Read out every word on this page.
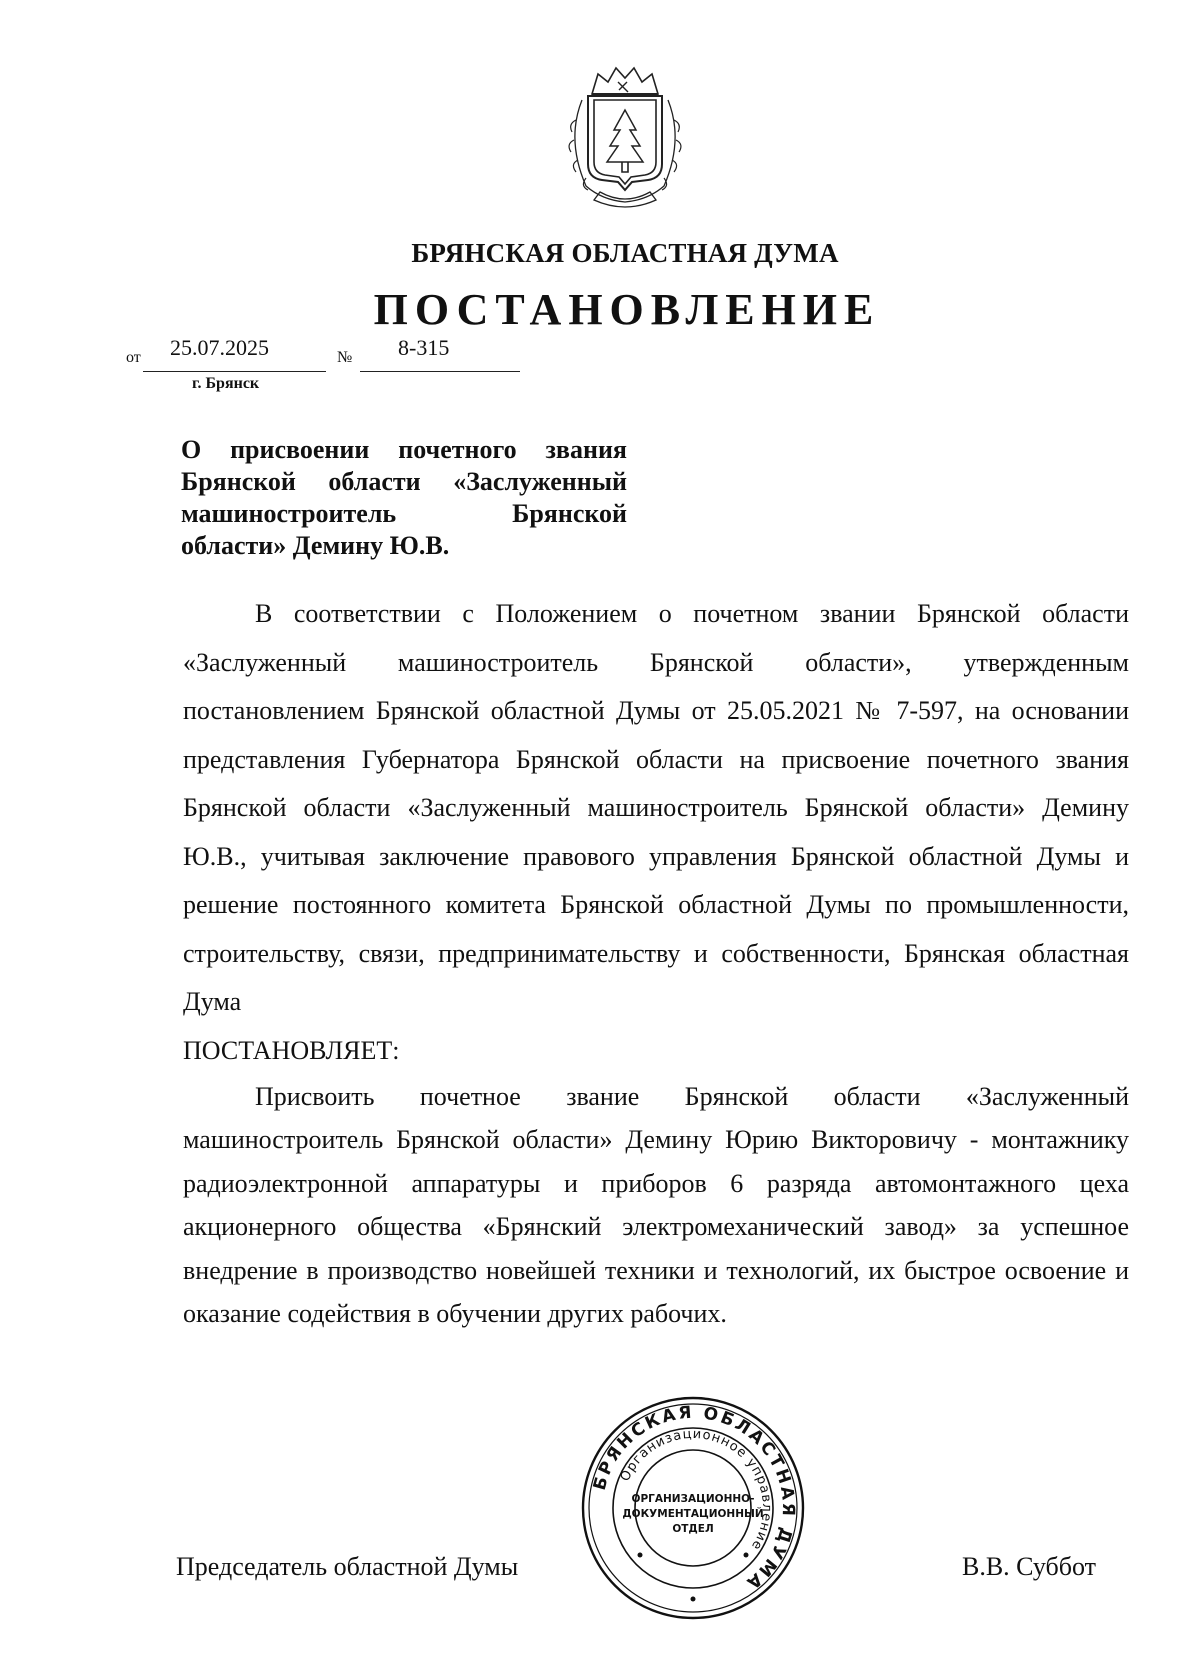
БРЯНСКАЯ ОБЛАСТНАЯ ДУМА
ПОСТАНОВЛЕНИЕ
от 25.07.2025	№ 8-315
г. Брянск
О присвоении почетного звания Брянской области «Заслуженный машиностроитель Брянской области» Демину Ю.В.

В соответствии с Положением о почетном звании Брянской области «Заслуженный машиностроитель Брянской области», утвержденным постановлением Брянской областной Думы от 25.05.2021 № 7-597, на основании представления Губернатора Брянской области на присвоение почетного звания Брянской области «Заслуженный машиностроитель Брянской области» Демину Ю.В., учитывая заключение правового управления Брянской областной Думы и решение постоянного комитета Брянской областной Думы по промышленности, строительству, связи, предпринимательству и собственности, Брянская областная Дума

ПОСТАНОВЛЯЕТ:

Присвоить почетное звание Брянской области «Заслуженный машиностроитель Брянской области» Демину Юрию Викторовичу - монтажнику радиоэлектронной аппаратуры и приборов 6 разряда автомонтажного цеха акционерного общества «Брянский электромеханический завод» за успешное внедрение в производство новейшей техники и технологий, их быстрое освоение и оказание содействия в обучении других рабочих.

Председатель областной Думы	В.В. Суббот
БРЯНСКАЯ ОБЛАСТНАЯ ДУМА
Организационное управление
ОРГАНИЗАЦИОННО-
ДОКУМЕНТАЦИОННЫЙ
ОТДЕЛ
